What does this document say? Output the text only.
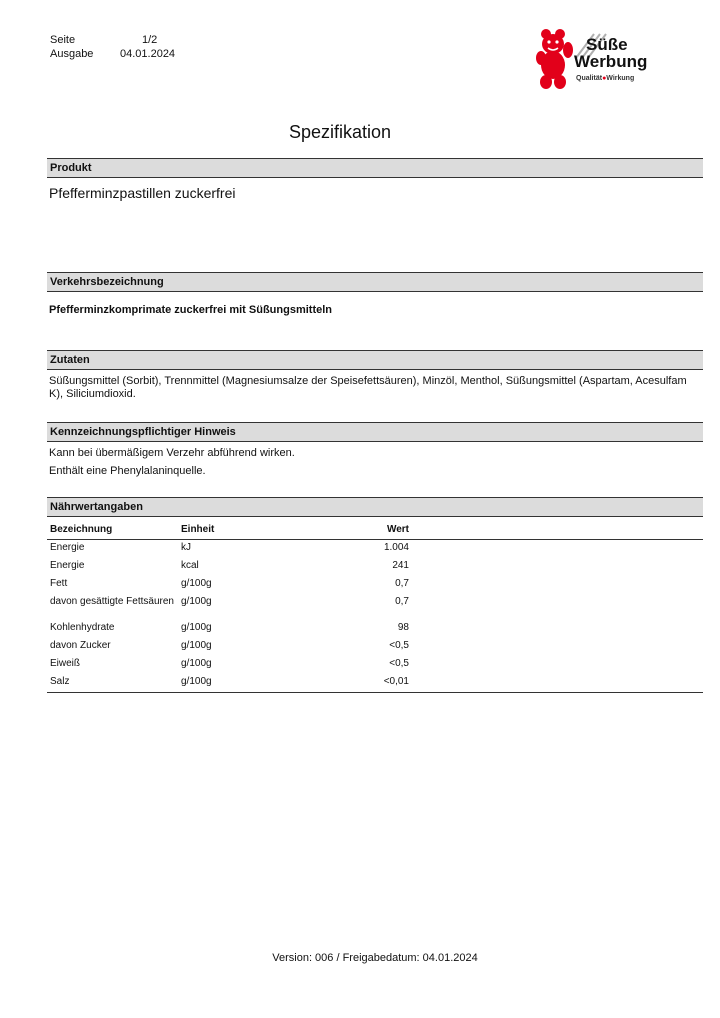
Seite	1/2
Ausgabe	04.01.2024	Süße
Werbung
Qualität●Wirkung
Spezifikation
Produkt
Pfefferminzpastillen zuckerfrei
Verkehrsbezeichnung
Pfefferminzkomprimate zuckerfrei mit Süßungsmitteln
Zutaten
Süßungsmittel (Sorbit), Trennmittel (Magnesiumsalze der Speisefettsäuren), Minzöl, Menthol, Süßungsmittel (Aspartam, Acesulfam K), Siliciumdioxid.
Kennzeichnungspflichtiger Hinweis
Kann bei übermäßigem Verzehr abführend wirken.
Enthält eine Phenylalaninquelle.
Nährwertangaben
Bezeichnung	Einheit	Wert	
Energie	kJ	1.004	
Energie	kcal	241	
Fett	g/100g	0,7	
davon gesättigte Fettsäuren	g/100g	0,7	
Kohlenhydrate	g/100g	98	
davon Zucker	g/100g	<0,5	
Eiweiß	g/100g	<0,5	
Salz	g/100g	<0,01	
Version: 006 / Freigabedatum: 04.01.2024
